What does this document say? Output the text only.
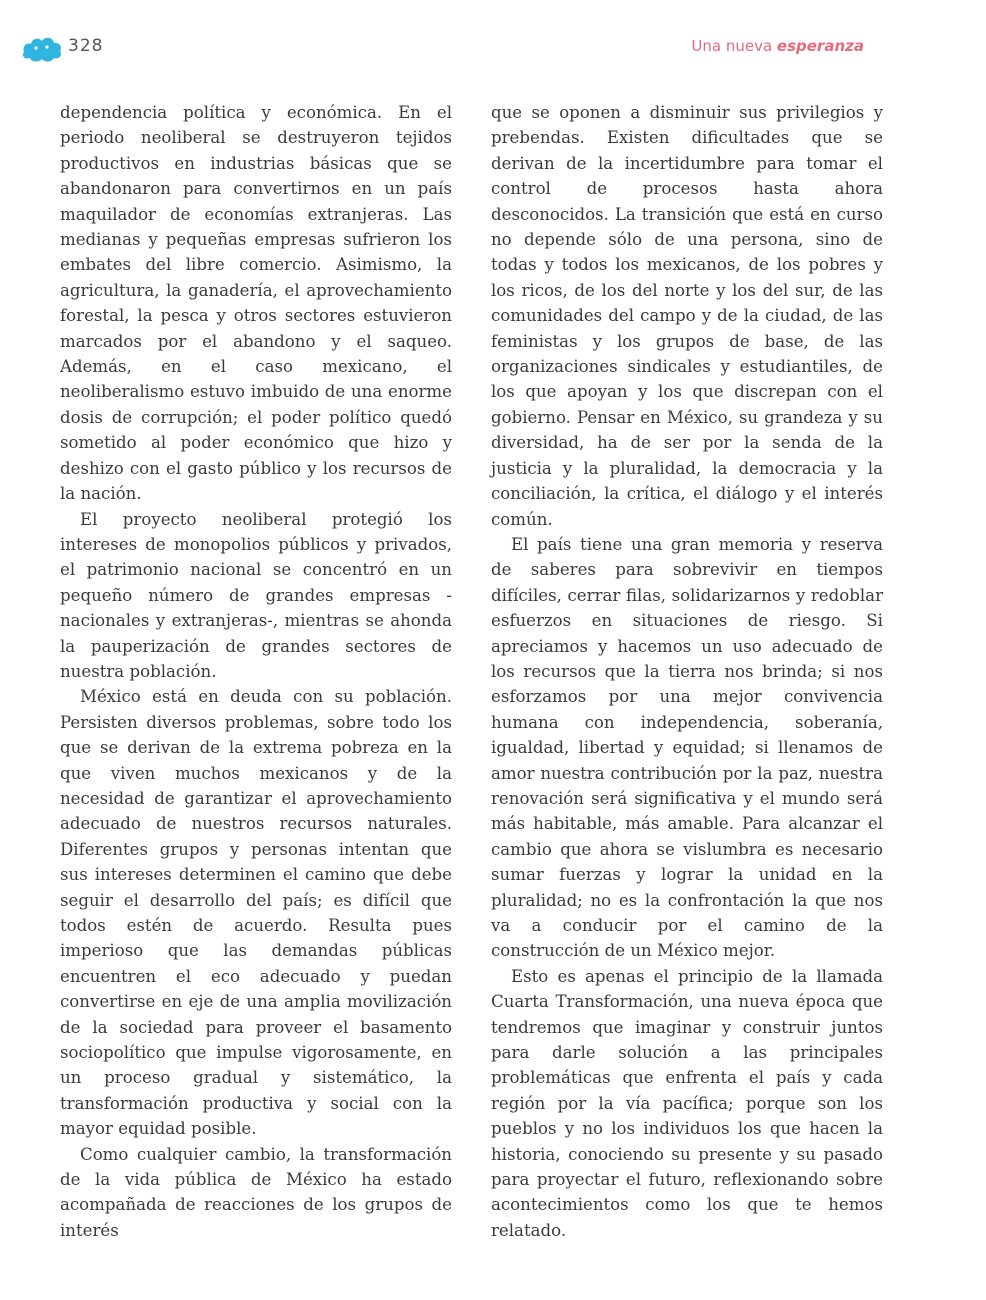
328	Una nueva esperanza

dependencia política y económica. En el periodo neoliberal se destruyeron tejidos productivos en industrias básicas que se abandonaron para convertirnos en un país maquilador de economías extranjeras. Las medianas y pequeñas empresas sufrieron los embates del libre comercio. Asimismo, la agricultura, la ganadería, el aprovechamiento forestal, la pesca y otros sectores estuvieron marcados por el abandono y el saqueo. Además, en el caso mexicano, el neoliberalismo estuvo imbuido de una enorme dosis de corrupción; el poder político quedó sometido al poder económico que hizo y deshizo con el gasto público y los recursos de la nación.

El proyecto neoliberal protegió los intereses de monopolios públicos y privados, el patrimonio nacional se concentró en un pequeño número de grandes empresas -nacionales y extranjeras-, mientras se ahonda la pauperización de grandes sectores de nuestra población.

México está en deuda con su población. Persisten diversos problemas, sobre todo los que se derivan de la extrema pobreza en la que viven muchos mexicanos y de la necesidad de garantizar el aprovechamiento adecuado de nuestros recursos naturales. Diferentes grupos y personas intentan que sus intereses determinen el camino que debe seguir el desarrollo del país; es difícil que todos estén de acuerdo. Resulta pues imperioso que las demandas públicas encuentren el eco adecuado y puedan convertirse en eje de una amplia movilización de la sociedad para proveer el basamento sociopolítico que impulse vigorosamente, en un proceso gradual y sistemático, la transformación productiva y social con la mayor equidad posible.

Como cualquier cambio, la transformación de la vida pública de México ha estado acompañada de reacciones de los grupos de interés

que se oponen a disminuir sus privilegios y prebendas. Existen dificultades que se derivan de la incertidumbre para tomar el control de procesos hasta ahora desconocidos. La transición que está en curso no depende sólo de una persona, sino de todas y todos los mexicanos, de los pobres y los ricos, de los del norte y los del sur, de las comunidades del campo y de la ciudad, de las feministas y los grupos de base, de las organizaciones sindicales y estudiantiles, de los que apoyan y los que discrepan con el gobierno. Pensar en México, su grandeza y su diversidad, ha de ser por la senda de la justicia y la pluralidad, la democracia y la conciliación, la crítica, el diálogo y el interés común.

El país tiene una gran memoria y reserva de saberes para sobrevivir en tiempos difíciles, cerrar filas, solidarizarnos y redoblar esfuerzos en situaciones de riesgo. Si apreciamos y hacemos un uso adecuado de los recursos que la tierra nos brinda; si nos esforzamos por una mejor convivencia humana con independencia, soberanía, igualdad, libertad y equidad; si llenamos de amor nuestra contribución por la paz, nuestra renovación será significativa y el mundo será más habitable, más amable. Para alcanzar el cambio que ahora se vislumbra es necesario sumar fuerzas y lograr la unidad en la pluralidad; no es la confrontación la que nos va a conducir por el camino de la construcción de un México mejor.

Esto es apenas el principio de la llamada Cuarta Transformación, una nueva época que tendremos que imaginar y construir juntos para darle solución a las principales problemáticas que enfrenta el país y cada región por la vía pacífica; porque son los pueblos y no los individuos los que hacen la historia, conociendo su presente y su pasado para proyectar el futuro, reflexionando sobre acontecimientos como los que te hemos relatado.
